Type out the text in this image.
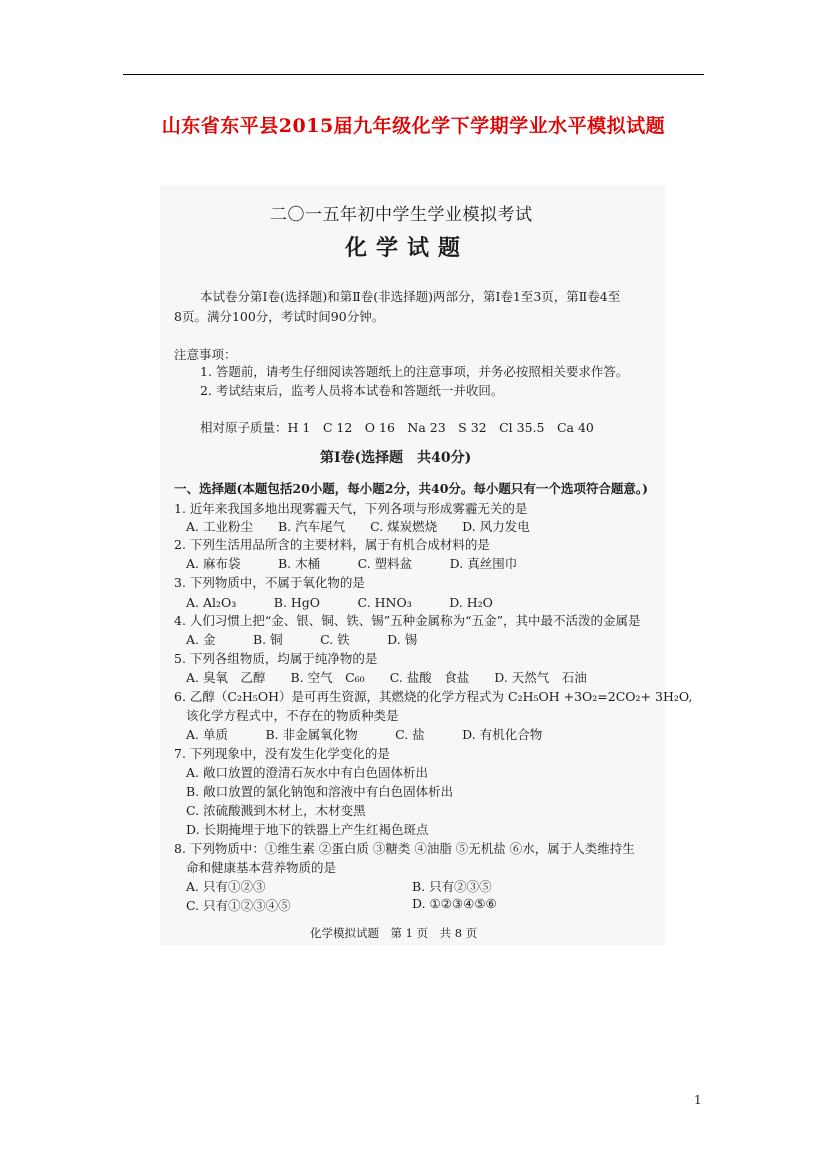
山东省东平县2015届九年级化学下学期学业水平模拟试题
二〇一五年初中学生学业模拟考试
化学试题
本试卷分第Ⅰ卷(选择题)和第Ⅱ卷(非选择题)两部分，第Ⅰ卷1至3页，第Ⅱ卷4至
8页。满分100分，考试时间90分钟。
注意事项：
1. 答题前，请考生仔细阅读答题纸上的注意事项，并务必按照相关要求作答。
2. 考试结束后，监考人员将本试卷和答题纸一并收回。
相对原子质量：H 1　C 12　O 16　Na 23　S 32　Cl 35.5　Ca 40
第Ⅰ卷(选择题　共40分)
一、选择题(本题包括20小题，每小题2分，共40分。每小题只有一个选项符合题意。)
1. 近年来我国多地出现雾霾天气，下列各项与形成雾霾无关的是
A. 工业粉尘　　B. 汽车尾气　　C. 煤炭燃烧　　D. 风力发电
2. 下列生活用品所含的主要材料，属于有机合成材料的是
A. 麻布袋　　　B. 木桶　　　C. 塑料盆　　　D. 真丝围巾
3. 下列物质中，不属于氧化物的是
A. Al₂O₃　　　B. HgO　　　C. HNO₃　　　D. H₂O
4. 人们习惯上把“金、银、铜、铁、锡”五种金属称为“五金”，其中最不活泼的金属是
A. 金　　　B. 铜　　　C. 铁　　　D. 锡
5. 下列各组物质，均属于纯净物的是
A. 臭氧　乙醇　　B. 空气　C₆₀　　C. 盐酸　食盐　　D. 天然气　石油
6. 乙醇（C₂H₅OH）是可再生资源，其燃烧的化学方程式为 C₂H₅OH +3O₂=2CO₂+ 3H₂O,
该化学方程式中，不存在的物质种类是
A. 单质　　　B. 非金属氧化物　　　C. 盐　　　D. 有机化合物
7. 下列现象中，没有发生化学变化的是
A. 敞口放置的澄清石灰水中有白色固体析出
B. 敞口放置的氯化钠饱和溶液中有白色固体析出
C. 浓硫酸溅到木材上，木材变黑
D. 长期掩埋于地下的铁器上产生红褐色斑点
8. 下列物质中：①维生素 ②蛋白质 ③糖类 ④油脂 ⑤无机盐 ⑥水，属于人类维持生
命和健康基本营养物质的是
A. 只有①②③	B. 只有②③⑤
C. 只有①②③④⑤	D. ①②③④⑤⑥
化学模拟试题　第 1 页　共 8 页
1
